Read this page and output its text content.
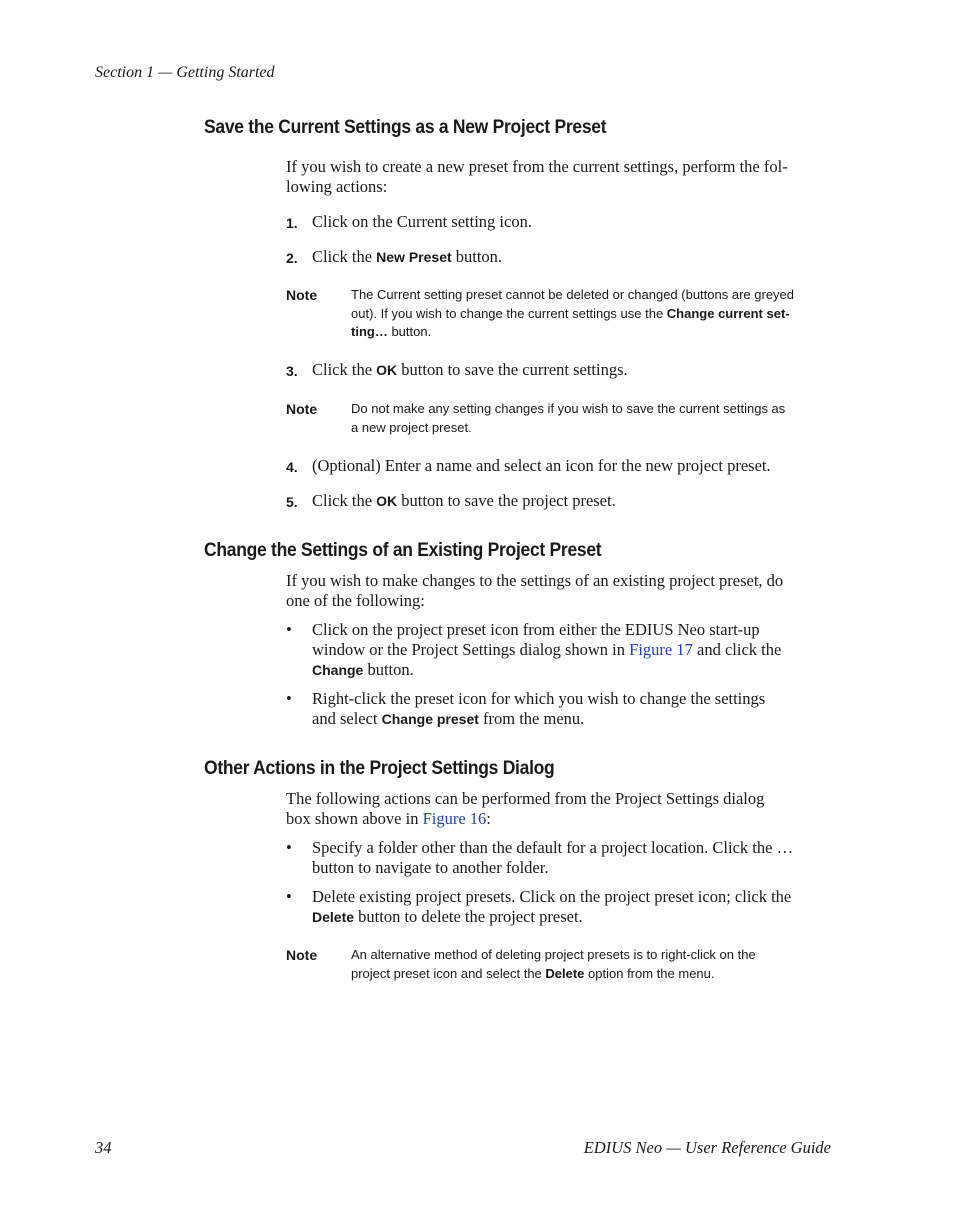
Section 1 — Getting Started
Save the Current Settings as a New Project Preset
If you wish to create a new preset from the current settings, perform the fol-
lowing actions:
1. Click on the Current setting icon.
2. Click the New Preset button.
Note	The Current setting preset cannot be deleted or changed (buttons are greyed
out). If you wish to change the current settings use the Change current set-
ting… button.
3. Click the OK button to save the current settings.
Note	Do not make any setting changes if you wish to save the current settings as
a new project preset.
4. (Optional) Enter a name and select an icon for the new project preset.
5. Click the OK button to save the project preset.
Change the Settings of an Existing Project Preset
If you wish to make changes to the settings of an existing project preset, do
one of the following:
• Click on the project preset icon from either the EDIUS Neo start-up
window or the Project Settings dialog shown in Figure 17 and click the
Change button.
• Right-click the preset icon for which you wish to change the settings
and select Change preset from the menu.
Other Actions in the Project Settings Dialog
The following actions can be performed from the Project Settings dialog
box shown above in Figure 16:
• Specify a folder other than the default for a project location. Click the …
button to navigate to another folder.
• Delete existing project presets. Click on the project preset icon; click the
Delete button to delete the project preset.
Note	An alternative method of deleting project presets is to right-click on the
project preset icon and select the Delete option from the menu.
34	EDIUS Neo — User Reference Guide
